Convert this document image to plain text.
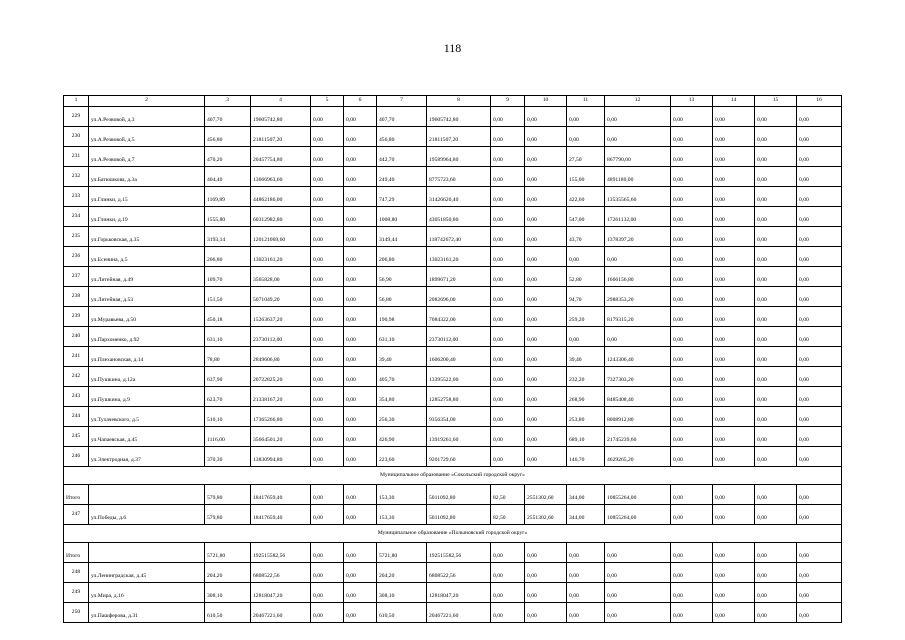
118
1	2	3	4	5	6	7	8	9	10	11	12	13	14	15	16
229	ул.А.Резвовой, д.3	407,70	19605742,80	0,00	0,00	407,70	19605742,80	0,00	0,00	0,00	0,00	0,00	0,00	0,00	0,00
230	ул.А.Резвовой, д.5	456,80	21811507,20	0,00	0,00	456,80	21811507,20	0,00	0,00	0,00	0,00	0,00	0,00	0,00	0,00
231	ул.А.Резвовой, д.7	470,20	20457754,80	0,00	0,00	442,70	19589964,80	0,00	0,00	27,50	867790,00	0,00	0,00	0,00	0,00
232	ул.Батюшкова, д.3а	404,40	13666963,60	0,00	0,00	249,40	8775723,60	0,00	0,00	155,00	4891180,00	0,00	0,00	0,00	0,00
233	ул.Глинки, д.15	1169,89	44862186,00	0,00	0,00	747,29	31426620,40	0,00	0,00	422,60	13535565,60	0,00	0,00	0,00	0,00
234	ул.Глинки, д.19	1555,80	60312982,80	0,00	0,00	1008,80	43051850,80	0,00	0,00	547,00	17261132,00	0,00	0,00	0,00	0,00
235	ул.Горьковская, д.35	3193,14	120121069,60	0,00	0,00	3149,44	118742672,40	0,00	0,00	43,70	1378397,20	0,00	0,00	0,00	0,00
236	ул.Есенина, д.5	206,80	13023161,20	0,00	0,00	206,80	13023161,20	0,00	0,00	0,00	0,00	0,00	0,00	0,00	0,00
237	ул.Литейная, д.49	109,70	3565828,00	0,00	0,00	56,90	1899671,20	0,00	0,00	52,80	1666156,80	0,00	0,00	0,00	0,00
238	ул.Литейная, д.53	151,50	5071049,20	0,00	0,00	56,80	2082696,00	0,00	0,00	94,70	2988353,20	0,00	0,00	0,00	0,00
239	ул.Муравьева, д.50	450,18	15263637,20	0,00	0,00	190,98	7084322,00	0,00	0,00	259,20	8179315,20	0,00	0,00	0,00	0,00
240	ул.Пархоменко, д.92	631,10	23730112,00	0,00	0,00	631,10	23730112,00	0,00	0,00	0,00	0,00	0,00	0,00	0,00	0,00
241	ул.Плехановская, д.14	78,80	2849606,80	0,00	0,00	39,40	1606200,40	0,00	0,00	39,40	1243306,40	0,00	0,00	0,00	0,00
242	ул.Пушкина, д.12а	637,90	20722825,20	0,00	0,00	405,70	13395522,00	0,00	0,00	232,20	7327303,20	0,00	0,00	0,00	0,00
243	ул.Пушкина, д.9	623,70	21338167,20	0,00	0,00	354,80	12852758,80	0,00	0,00	268,90	8485408,40	0,00	0,00	0,00	0,00
244	ул.Тухачевского, д.5	510,10	17365266,80	0,00	0,00	256,30	9356354,00	0,00	0,00	253,80	8008912,80	0,00	0,00	0,00	0,00
245	ул.Чапаевская, д.45	1116,00	35664501,20	0,00	0,00	426,90	13919261,60	0,00	0,00	689,10	21745239,60	0,00	0,00	0,00	0,00
246	ул.Электродная, д.37	370,30	13830994,80	0,00	0,00	223,60	9201729,60	0,00	0,00	146,70	4629265,20	0,00	0,00	0,00	0,00
Муниципальное образование «Сокольский городской округ»															
Итого		579,80	18417659,40	0,00	0,00	153,30	5011092,80	82,50	2551302,60	344,00	10855264,00	0,00	0,00	0,00	0,00
247	ул.Победы, д.6	579,80	18417659,40	0,00	0,00	153,30	5011092,80	82,50	2551302,60	344,00	10855264,00	0,00	0,00	0,00	0,00
Муниципальное образование «Полыновский городской округ»															
Итого		5721,80	192515582,56	0,00	0,00	5721,80	192515582,56	0,00	0,00	0,00	0,00	0,00	0,00	0,00	0,00
248	ул.Ленинградская, д.45	204,20	6808522,56	0,00	0,00	204,20	6808522,56	0,00	0,00	0,00	0,00	0,00	0,00	0,00	0,00
249	ул.Мира, д.16	308,10	12818047,20	0,00	0,00	308,10	12818047,20	0,00	0,00	0,00	0,00	0,00	0,00	0,00	0,00
250	ул.Пашферова, д.31	610,50	20467221,60	0,00	0,00	610,50	20467221,60	0,00	0,00	0,00	0,00	0,00	0,00	0,00	0,00
